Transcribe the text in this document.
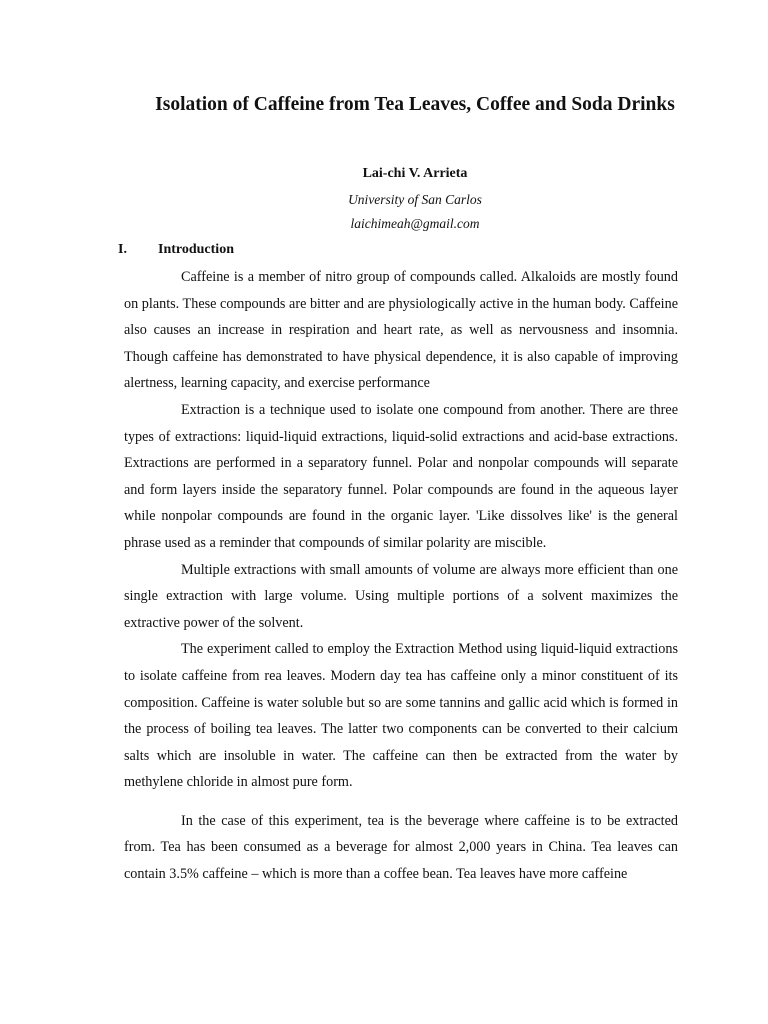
Isolation of Caffeine from Tea Leaves, Coffee and Soda Drinks
Lai-chi V. Arrieta
University of San Carlos
laichimeah@gmail.com
I. Introduction

Caffeine is a member of nitro group of compounds called. Alkaloids are mostly found on plants. These compounds are bitter and are physiologically active in the human body. Caffeine also causes an increase in respiration and heart rate, as well as nervousness and insomnia. Though caffeine has demonstrated to have physical dependence, it is also capable of improving alertness, learning capacity, and exercise performance

Extraction is a technique used to isolate one compound from another. There are three types of extractions: liquid-liquid extractions, liquid-solid extractions and acid-base extractions. Extractions are performed in a separatory funnel. Polar and nonpolar compounds will separate and form layers inside the separatory funnel. Polar compounds are found in the aqueous layer while nonpolar compounds are found in the organic layer. 'Like dissolves like' is the general phrase used as a reminder that compounds of similar polarity are miscible.

Multiple extractions with small amounts of volume are always more efficient than one single extraction with large volume. Using multiple portions of a solvent maximizes the extractive power of the solvent.

The experiment called to employ the Extraction Method using liquid-liquid extractions to isolate caffeine from rea leaves. Modern day tea has caffeine only a minor constituent of its composition. Caffeine is water soluble but so are some tannins and gallic acid which is formed in the process of boiling tea leaves. The latter two components can be converted to their calcium salts which are insoluble in water. The caffeine can then be extracted from the water by methylene chloride in almost pure form.

In the case of this experiment, tea is the beverage where caffeine is to be extracted from. Tea has been consumed as a beverage for almost 2,000 years in China. Tea leaves can contain 3.5% caffeine – which is more than a coffee bean. Tea leaves have more caffeine
